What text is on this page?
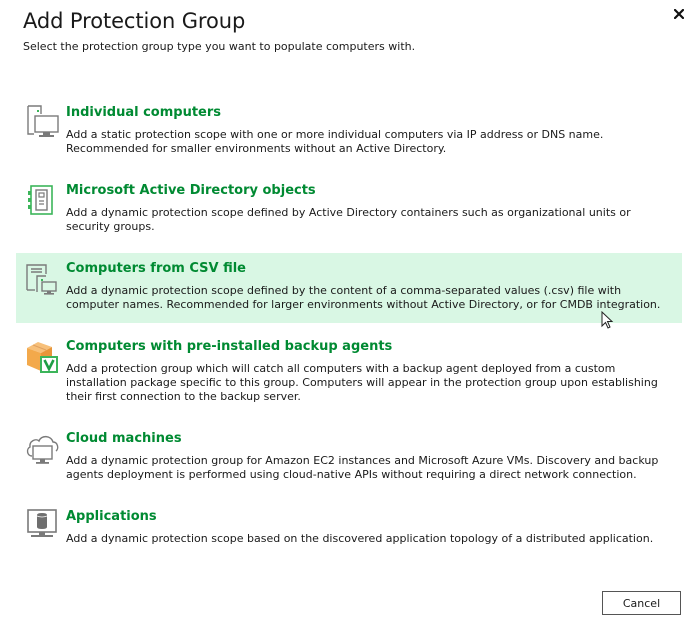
Add Protection Group
Select the protection group type you want to populate computers with.
Individual computers
Add a static protection scope with one or more individual computers via IP address or DNS name. Recommended for smaller environments without an Active Directory.
Microsoft Active Directory objects
Add a dynamic protection scope defined by Active Directory containers such as organizational units or security groups.
Computers from CSV file
Add a dynamic protection scope defined by the content of a comma-separated values (.csv) file with computer names. Recommended for larger environments without Active Directory, or for CMDB integration.
Computers with pre-installed backup agents
Add a protection group which will catch all computers with a backup agent deployed from a custom installation package specific to this group. Computers will appear in the protection group upon establishing their first connection to the backup server.
Cloud machines
Add a dynamic protection group for Amazon EC2 instances and Microsoft Azure VMs. Discovery and backup agents deployment is performed using cloud-native APIs without requiring a direct network connection.
Applications
Add a dynamic protection scope based on the discovered application topology of a distributed application.
Cancel
